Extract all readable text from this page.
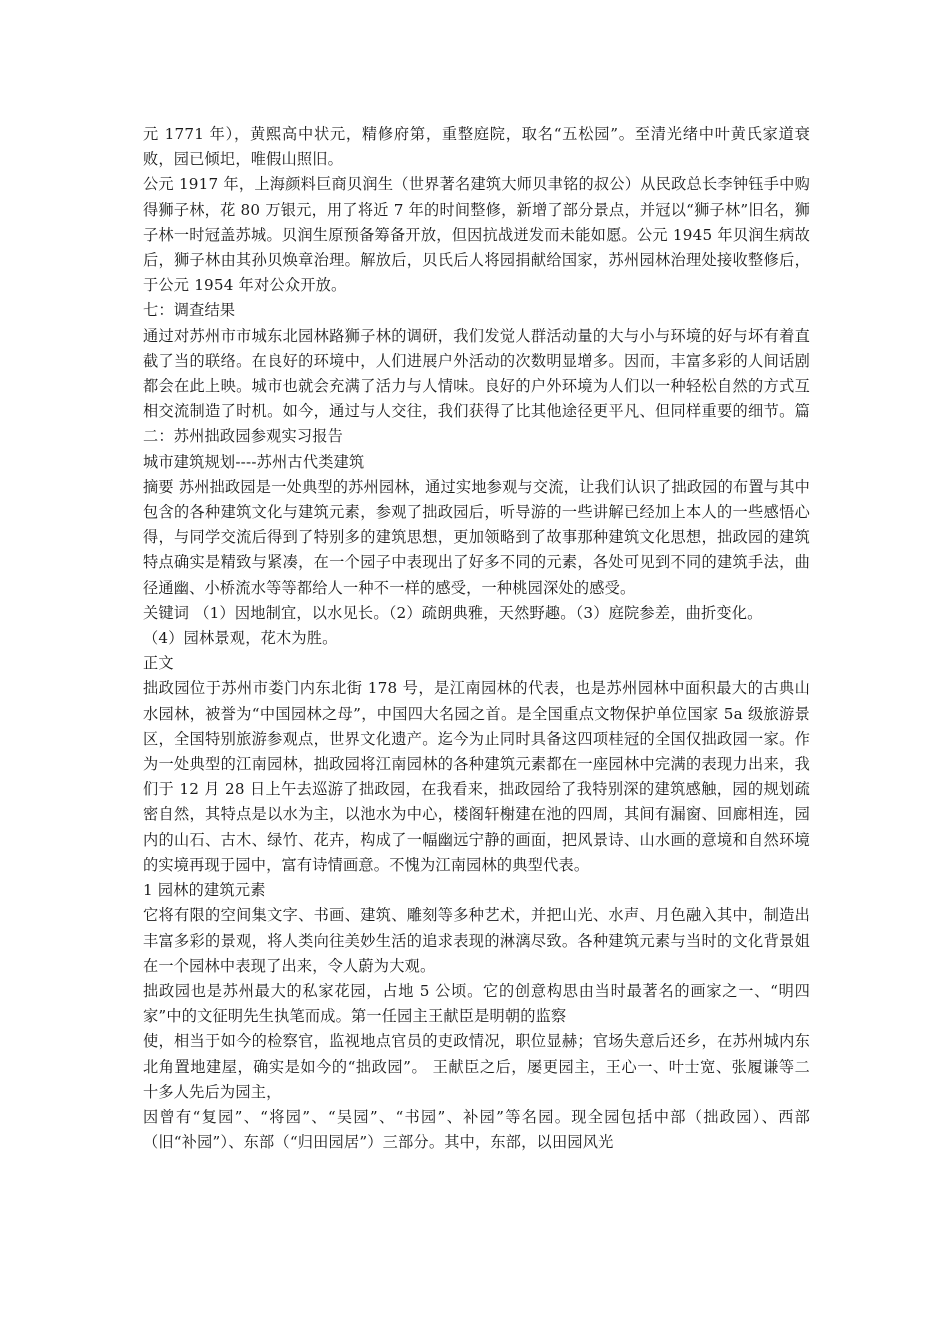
元 1771 年），黄熙高中状元，精修府第，重整庭院，取名“五松园”。至清光绪中叶黄氏家道衰败，园已倾圯，唯假山照旧。

公元 1917 年，上海颜料巨商贝润生（世界著名建筑大师贝聿铭的叔公）从民政总长李钟钰手中购得狮子林，花 80 万银元，用了将近 7 年的时间整修，新增了部分景点，并冠以“狮子林”旧名，狮子林一时冠盖苏城。贝润生原预备筹备开放，但因抗战迸发而未能如愿。公元 1945 年贝润生病故后，狮子林由其孙贝焕章治理。解放后，贝氏后人将园捐献给国家，苏州园林治理处接收整修后，于公元 1954 年对公众开放。

七：调查结果

通过对苏州市市城东北园林路狮子林的调研，我们发觉人群活动量的大与小与环境的好与坏有着直截了当的联络。在良好的环境中，人们进展户外活动的次数明显增多。因而，丰富多彩的人间话剧都会在此上映。城市也就会充满了活力与人情味。良好的户外环境为人们以一种轻松自然的方式互相交流制造了时机。如今，通过与人交往，我们获得了比其他途径更平凡、但同样重要的细节。篇二：苏州拙政园参观实习报告

城市建筑规划----苏州古代类建筑

摘要 苏州拙政园是一处典型的苏州园林，通过实地参观与交流，让我们认识了拙政园的布置与其中包含的各种建筑文化与建筑元素，参观了拙政园后，听导游的一些讲解已经加上本人的一些感悟心得，与同学交流后得到了特别多的建筑思想，更加领略到了故事那种建筑文化思想，拙政园的建筑特点确实是精致与紧凑，在一个园子中表现出了好多不同的元素，各处可见到不同的建筑手法，曲径通幽、小桥流水等等都给人一种不一样的感受，一种桃园深处的感受。

关键词 （1）因地制宜，以水见长。（2）疏朗典雅，天然野趣。（3）庭院参差，曲折变化。

（4）园林景观，花木为胜。

正文

拙政园位于苏州市娄门内东北街 178 号，是江南园林的代表，也是苏州园林中面积最大的古典山水园林，被誉为“中国园林之母”，中国四大名园之首。是全国重点文物保护单位国家 5a 级旅游景区，全国特别旅游参观点，世界文化遗产。迄今为止同时具备这四项桂冠的全国仅拙政园一家。作为一处典型的江南园林，拙政园将江南园林的各种建筑元素都在一座园林中完满的表现力出来，我们于 12 月 28 日上午去巡游了拙政园，在我看来，拙政园给了我特别深的建筑感触，园的规划疏密自然，其特点是以水为主，以池水为中心，楼阁轩榭建在池的四周，其间有漏窗、回廊相连，园内的山石、古木、绿竹、花卉，构成了一幅幽远宁静的画面，把风景诗、山水画的意境和自然环境的实境再现于园中，富有诗情画意。不愧为江南园林的典型代表。

1 园林的建筑元素

它将有限的空间集文字、书画、建筑、雕刻等多种艺术，并把山光、水声、月色融入其中，制造出丰富多彩的景观，将人类向往美妙生活的追求表现的淋漓尽致。各种建筑元素与当时的文化背景姐在一个园林中表现了出来，令人蔚为大观。

拙政园也是苏州最大的私家花园，占地 5 公顷。它的创意构思由当时最著名的画家之一、“明四家”中的文征明先生执笔而成。第一任园主王献臣是明朝的监察

使，相当于如今的检察官，监视地点官员的吏政情况，职位显赫；官场失意后还乡，在苏州城内东北角置地建屋，确实是如今的“拙政园”。 王献臣之后，屡更园主，王心一、叶士宽、张履谦等二十多人先后为园主，

因曾有“复园”、“将园”、“吴园”、“书园”、补园”等名园。现全园包括中部（拙政园）、西部（旧“补园”）、东部（“归田园居”）三部分。其中，东部，以田园风光
